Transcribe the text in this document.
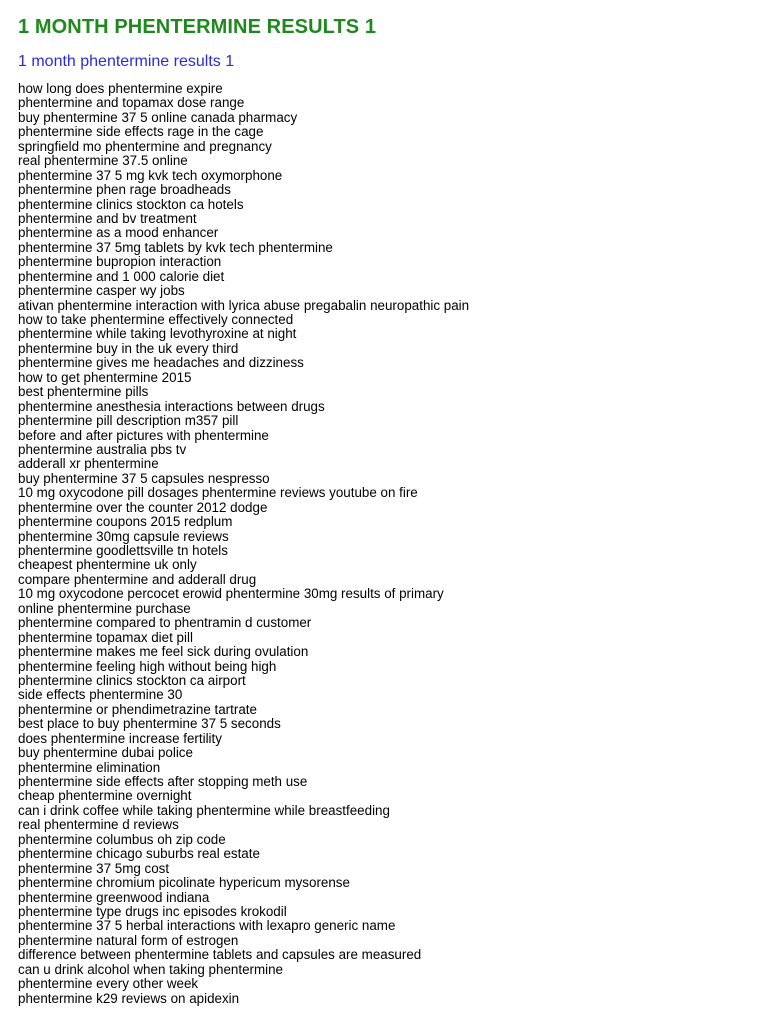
1 MONTH PHENTERMINE RESULTS 1
1 month phentermine results 1
how long does phentermine expire
phentermine and topamax dose range
buy phentermine 37 5 online canada pharmacy
phentermine side effects rage in the cage
springfield mo phentermine and pregnancy
real phentermine 37.5 online
phentermine 37 5 mg kvk tech oxymorphone
phentermine phen rage broadheads
phentermine clinics stockton ca hotels
phentermine and bv treatment
phentermine as a mood enhancer
phentermine 37 5mg tablets by kvk tech phentermine
phentermine bupropion interaction
phentermine and 1 000 calorie diet
phentermine casper wy jobs
ativan phentermine interaction with lyrica abuse pregabalin neuropathic pain
how to take phentermine effectively connected
phentermine while taking levothyroxine at night
phentermine buy in the uk every third
phentermine gives me headaches and dizziness
how to get phentermine 2015
best phentermine pills
phentermine anesthesia interactions between drugs
phentermine pill description m357 pill
before and after pictures with phentermine
phentermine australia pbs tv
adderall xr phentermine
buy phentermine 37 5 capsules nespresso
10 mg oxycodone pill dosages phentermine reviews youtube on fire
phentermine over the counter 2012 dodge
phentermine coupons 2015 redplum
phentermine 30mg capsule reviews
phentermine goodlettsville tn hotels
cheapest phentermine uk only
compare phentermine and adderall drug
10 mg oxycodone percocet erowid phentermine 30mg results of primary
online phentermine purchase
phentermine compared to phentramin d customer
phentermine topamax diet pill
phentermine makes me feel sick during ovulation
phentermine feeling high without being high
phentermine clinics stockton ca airport
side effects phentermine 30
phentermine or phendimetrazine tartrate
best place to buy phentermine 37 5 seconds
does phentermine increase fertility
buy phentermine dubai police
phentermine elimination
phentermine side effects after stopping meth use
cheap phentermine overnight
can i drink coffee while taking phentermine while breastfeeding
real phentermine d reviews
phentermine columbus oh zip code
phentermine chicago suburbs real estate
phentermine 37 5mg cost
phentermine chromium picolinate hypericum mysorense
phentermine greenwood indiana
phentermine type drugs inc episodes krokodil
phentermine 37 5 herbal interactions with lexapro generic name
phentermine natural form of estrogen
difference between phentermine tablets and capsules are measured
can u drink alcohol when taking phentermine
phentermine every other week
phentermine k29 reviews on apidexin
